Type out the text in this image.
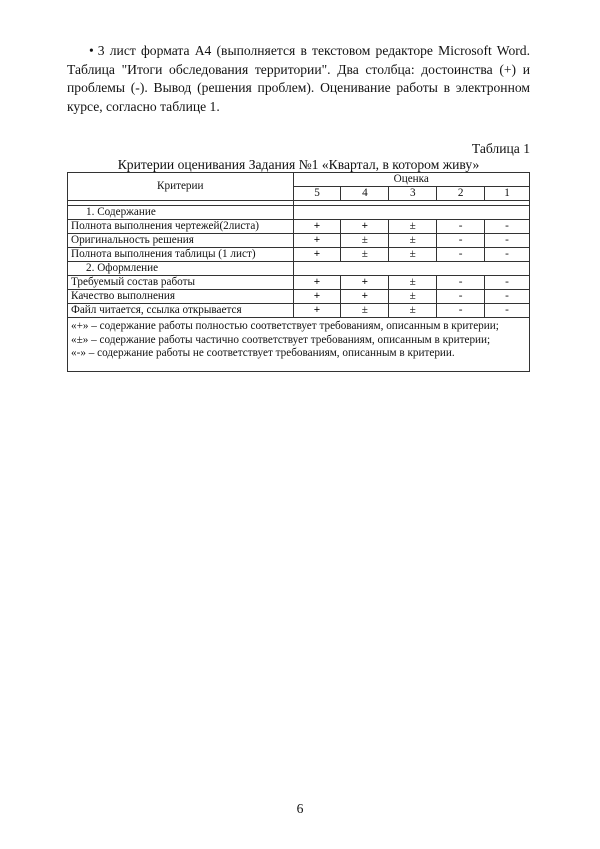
• 3 лист формата А4 (выполняется в текстовом редакторе Microsoft Word. Таблица "Итоги обследования территории". Два столбца: достоинства (+) и проблемы (-). Вывод (решения проблем). Оценивание работы в электронном курсе, согласно таблице 1.
Таблица 1
Критерии оценивания Задания №1 «Квартал, в котором живу»
Критерии	Оценка				
	5	4	3	2	1

1. Содержание					
Полнота выполнения чертежей(2листа)	+	+	±	-	-
Оригинальность решения	+	±	±	-	-
Полнота выполнения таблицы (1 лист)	+	±	±	-	-
2. Оформление					
Требуемый состав работы	+	+	±	-	-
Качество выполнения	+	+	±	-	-
Файл читается, ссылка открывается	+	±	±	-	-

«+» – содержание работы полностью соответствует требованиям, описанным в критерии;
«±» – содержание работы частично соответствует требованиям, описанным в критерии;
«-» – содержание работы не соответствует требованиям, описанным в критерии.					
6
